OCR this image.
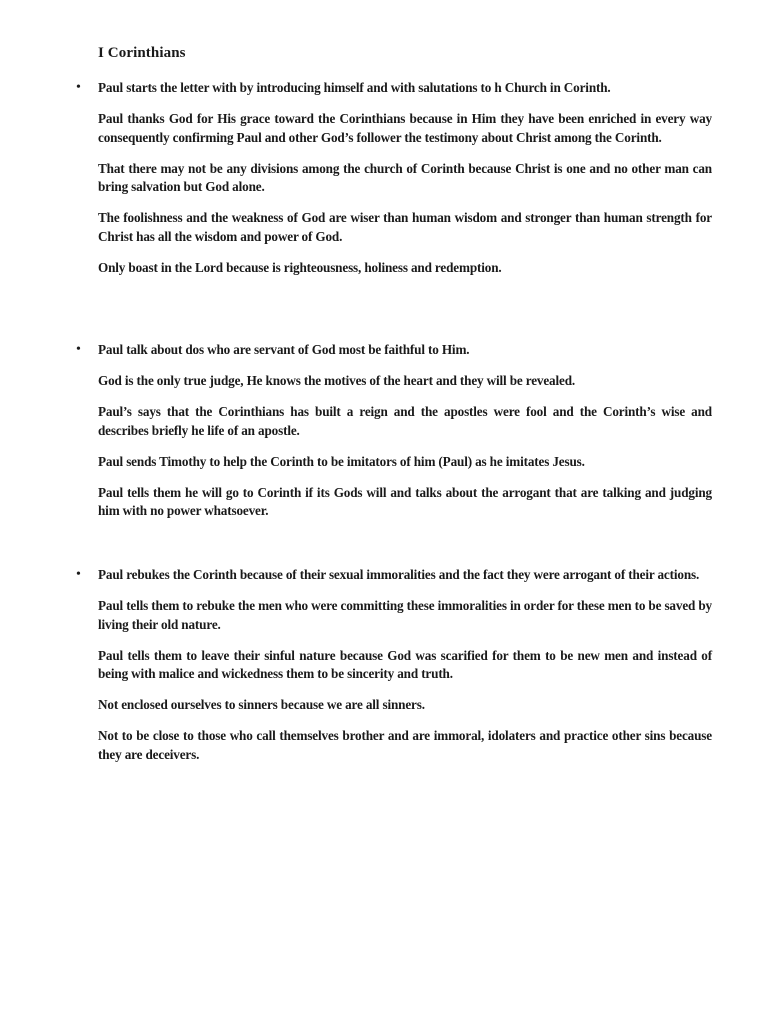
I Corinthians
• Paul starts the letter with by introducing himself and with salutations to h Church in Corinth.

Paul thanks God for His grace toward the Corinthians because in Him they have been enriched in every way consequently confirming Paul and other God’s follower the testimony about Christ among the Corinth.

That there may not be any divisions among the church of Corinth because Christ is one and no other man can bring salvation but God alone.

The foolishness and the weakness of God are wiser than human wisdom and stronger than human strength for Christ has all the wisdom and power of God.

Only boast in the Lord because is righteousness, holiness and redemption.

• Paul talk about dos who are servant of God most be faithful to Him.

God is the only true judge, He knows the motives of the heart and they will be revealed.

Paul’s says that the Corinthians has built a reign and the apostles were fool and the Corinth’s wise and describes briefly he life of an apostle.

Paul sends Timothy to help the Corinth to be imitators of him (Paul) as he imitates Jesus.

Paul tells them he will go to Corinth if its Gods will and talks about the arrogant that are talking and judging him with no power whatsoever.

• Paul rebukes the Corinth because of their sexual immoralities and the fact they were arrogant of their actions.

Paul tells them to rebuke the men who were committing these immoralities in order for these men to be saved by living their old nature.

Paul tells them to leave their sinful nature because God was scarified for them to be new men and instead of being with malice and wickedness them to be sincerity and truth.

Not enclosed ourselves to sinners because we are all sinners.

Not to be close to those who call themselves brother and are immoral, idolaters and practice other sins because they are deceivers.
